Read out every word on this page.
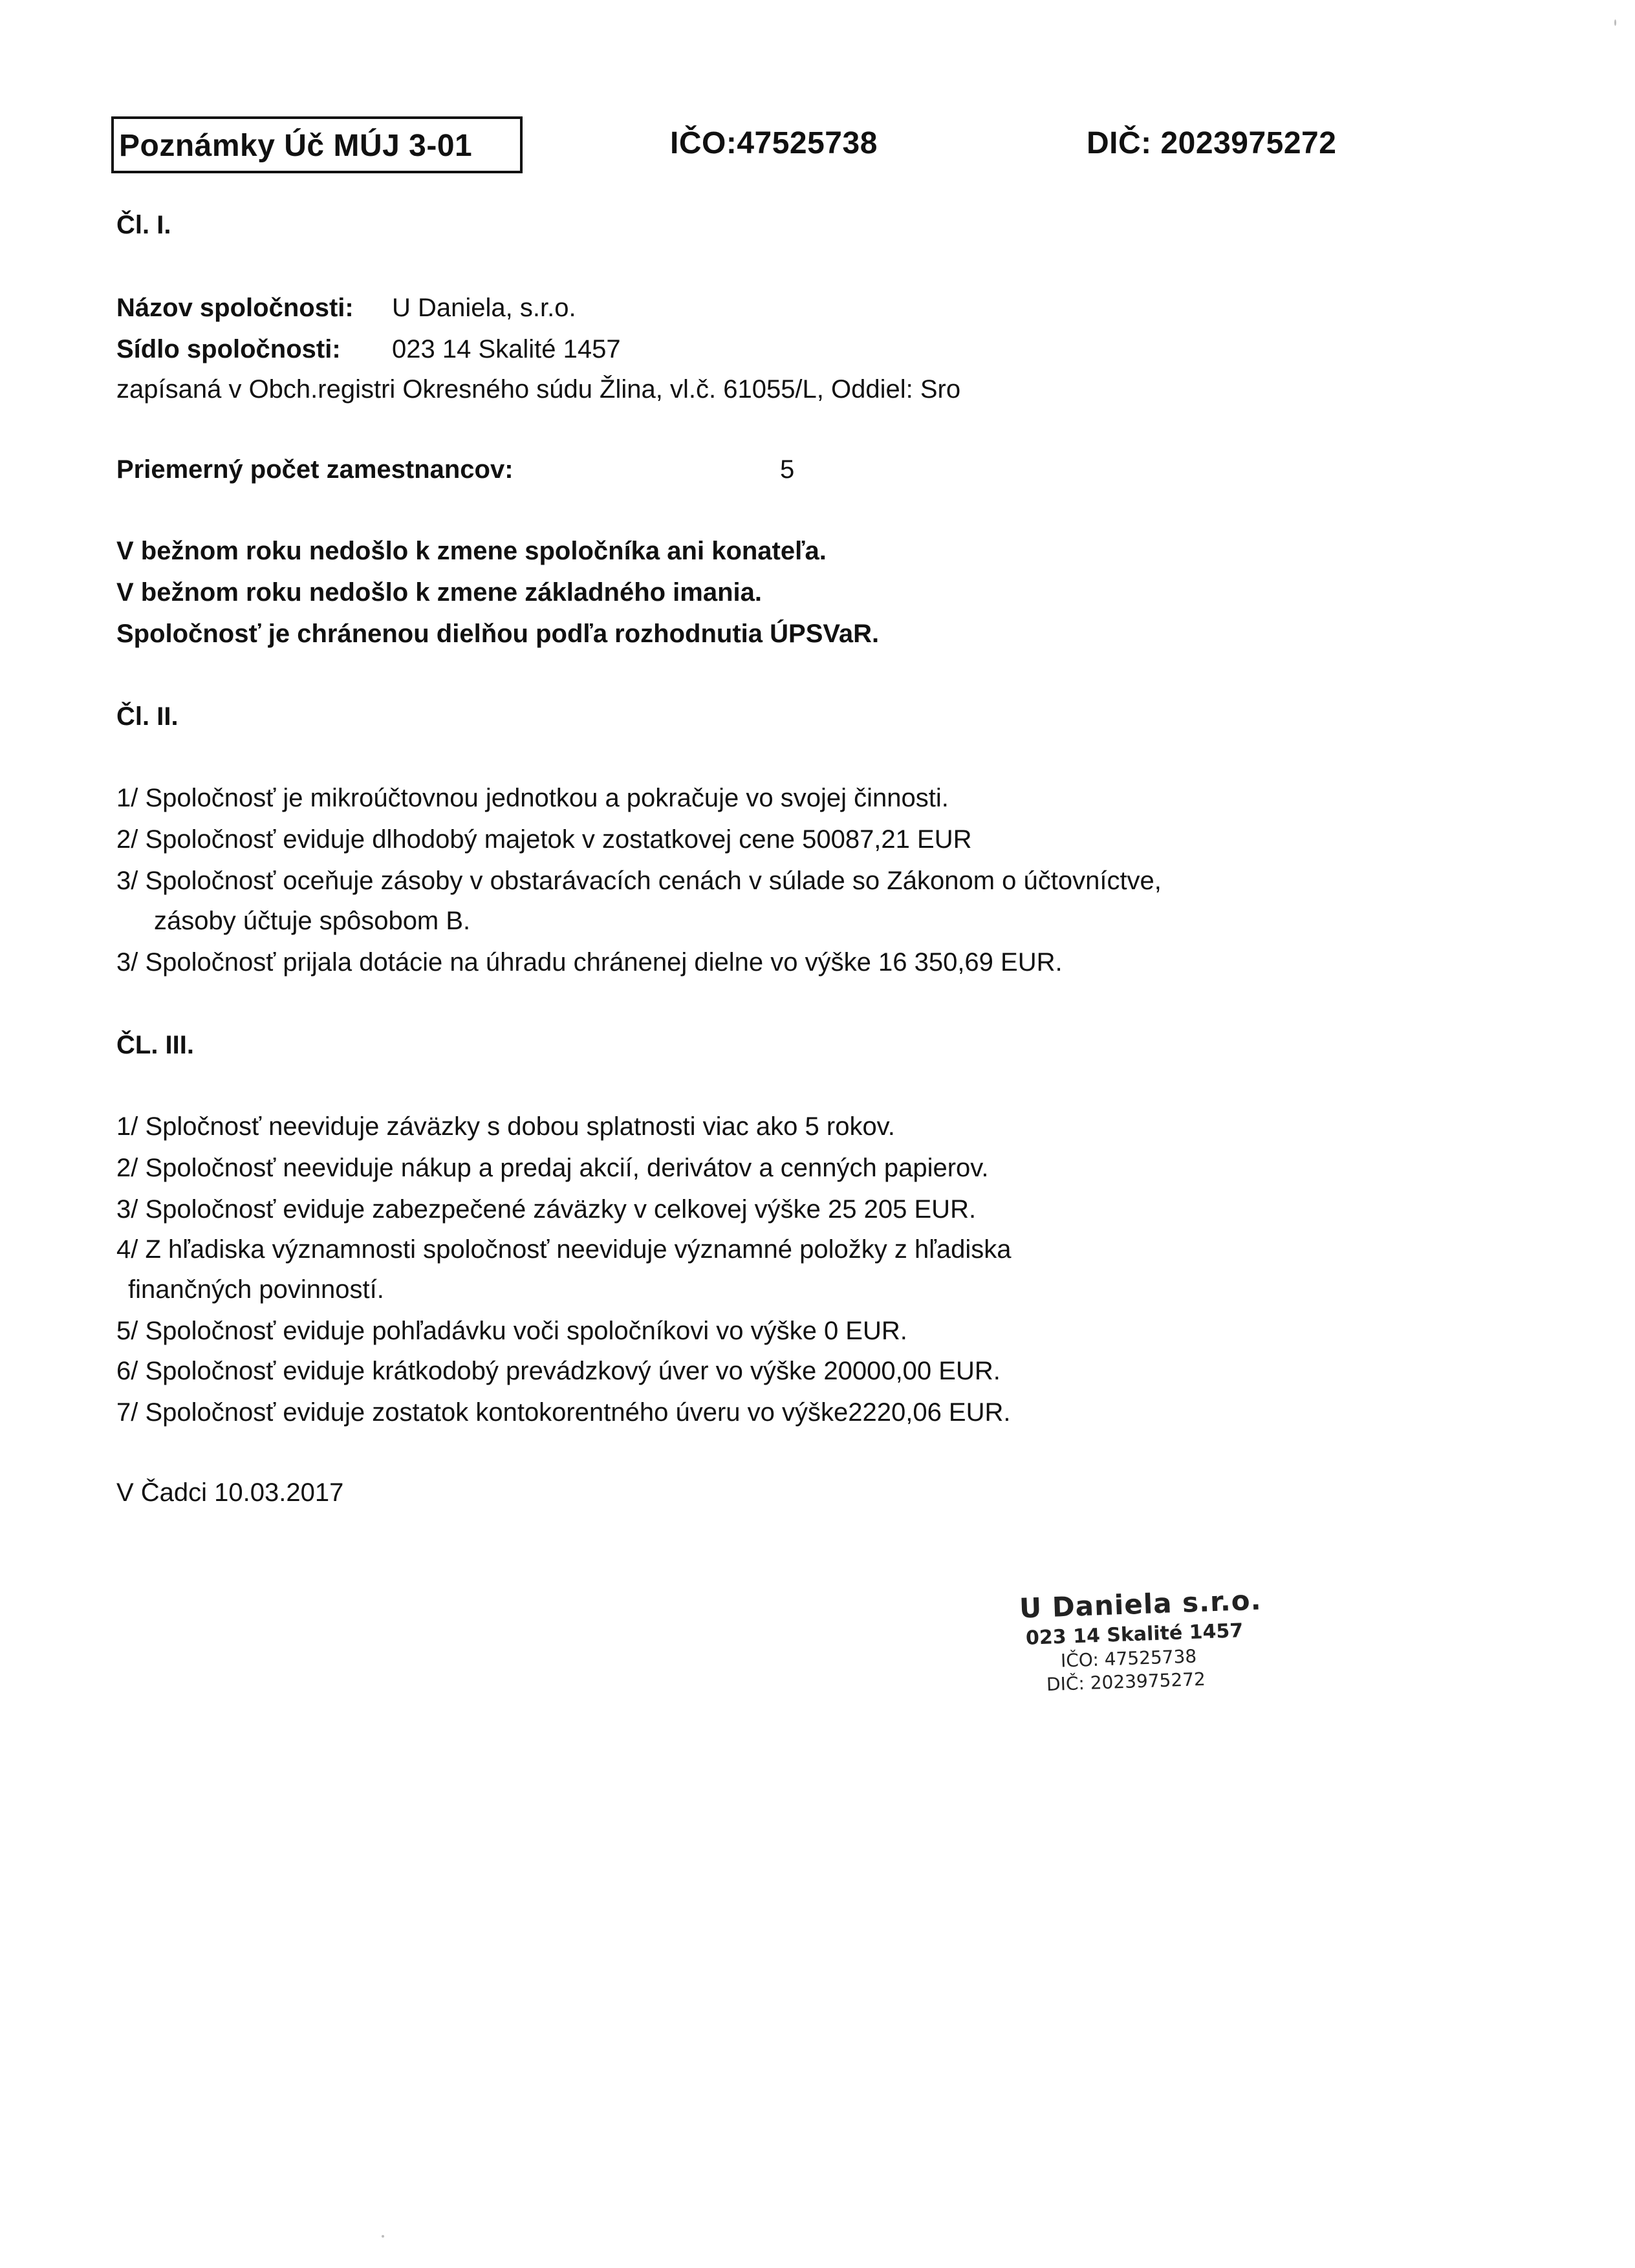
Poznámky Úč MÚJ 3-01	IČO:47525738	DIČ: 2023975272
Čl. I.
Názov spoločnosti: U Daniela, s.r.o.
Sídlo spoločnosti: 023 14 Skalité 1457
zapísaná v Obch.registri Okresného súdu Žlina, vl.č. 61055/L, Oddiel: Sro
Priemerný počet zamestnancov:	5
V bežnom roku nedošlo k zmene spoločníka ani konateľa.
V bežnom roku nedošlo k zmene základného imania.
Spoločnosť je chránenou dielňou podľa rozhodnutia ÚPSVaR.
Čl. II.
1/ Spoločnosť je mikroúčtovnou jednotkou a pokračuje vo svojej činnosti.
2/ Spoločnosť eviduje dlhodobý majetok v zostatkovej cene 50087,21 EUR
3/ Spoločnosť oceňuje zásoby v obstarávacích cenách v súlade so Zákonom o účtovníctve,
zásoby účtuje spôsobom B.
3/ Spoločnosť prijala dotácie na úhradu chránenej dielne vo výške 16 350,69 EUR.
ČL. III.
1/ Spločnosť neeviduje záväzky s dobou splatnosti viac ako 5 rokov.
2/ Spoločnosť neeviduje nákup a predaj akcií, derivátov a cenných papierov.
3/ Spoločnosť eviduje zabezpečené záväzky v celkovej výške 25 205 EUR.
4/ Z hľadiska významnosti spoločnosť neeviduje významné položky z hľadiska
finančných povinností.
5/ Spoločnosť eviduje pohľadávku voči spoločníkovi vo výške 0 EUR.
6/ Spoločnosť eviduje krátkodobý prevádzkový úver vo výške 20000,00 EUR.
7/ Spoločnosť eviduje zostatok kontokorentného úveru vo výške2220,06 EUR.
V Čadci 10.03.2017
U Daniela s.r.o.
023 14 Skalité 1457
IČO: 47525738
DIČ: 2023975272
